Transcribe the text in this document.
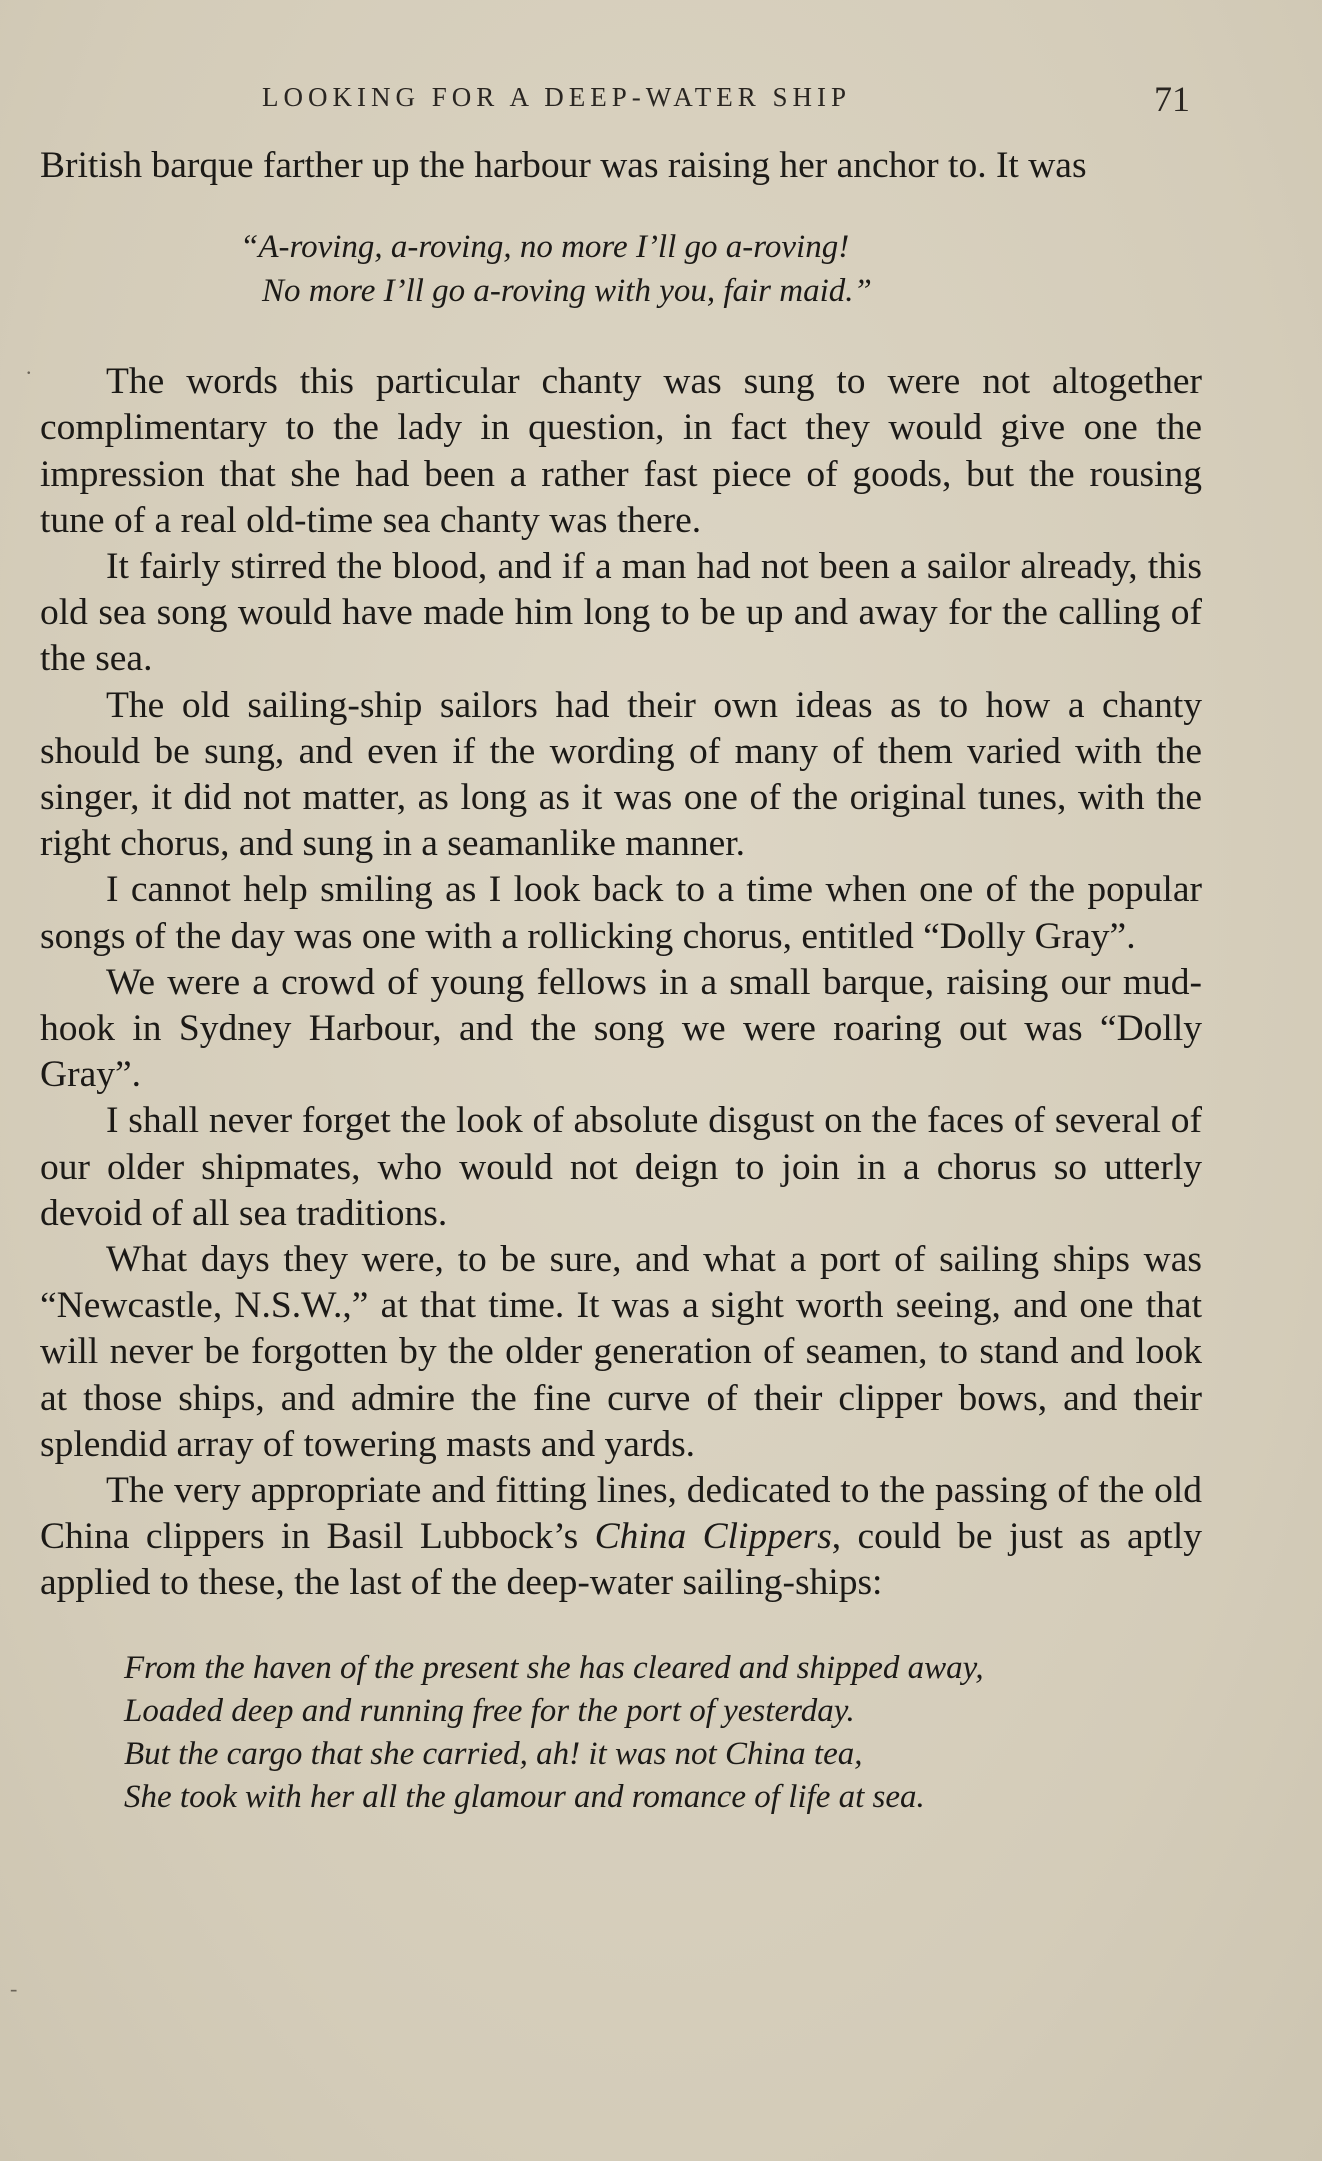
LOOKING FOR A DEEP-WATER SHIP	71

British barque farther up the harbour was raising her anchor to. It was

“A-roving, a-roving, no more I’ll go a-roving!
No more I’ll go a-roving with you, fair maid.”

The words this particular chanty was sung to were not altogether complimentary to the lady in question, in fact they would give one the impression that she had been a rather fast piece of goods, but the rousing tune of a real old-time sea chanty was there.

It fairly stirred the blood, and if a man had not been a sailor already, this old sea song would have made him long to be up and away for the calling of the sea.

The old sailing-ship sailors had their own ideas as to how a chanty should be sung, and even if the wording of many of them varied with the singer, it did not matter, as long as it was one of the original tunes, with the right chorus, and sung in a seamanlike manner.

I cannot help smiling as I look back to a time when one of the popular songs of the day was one with a rollicking chorus, entitled “Dolly Gray”.

We were a crowd of young fellows in a small barque, raising our mud-hook in Sydney Harbour, and the song we were roaring out was “Dolly Gray”.

I shall never forget the look of absolute disgust on the faces of several of our older shipmates, who would not deign to join in a chorus so utterly devoid of all sea traditions.

What days they were, to be sure, and what a port of sailing ships was “Newcastle, N.S.W.,” at that time. It was a sight worth seeing, and one that will never be forgotten by the older generation of seamen, to stand and look at those ships, and admire the fine curve of their clipper bows, and their splendid array of towering masts and yards.

The very appropriate and fitting lines, dedicated to the passing of the old China clippers in Basil Lubbock’s China Clippers, could be just as aptly applied to these, the last of the deep-water sailing-ships:

From the haven of the present she has cleared and shipped away,
Loaded deep and running free for the port of yesterday.
But the cargo that she carried, ah! it was not China tea,
She took with her all the glamour and romance of life at sea.
.
-
